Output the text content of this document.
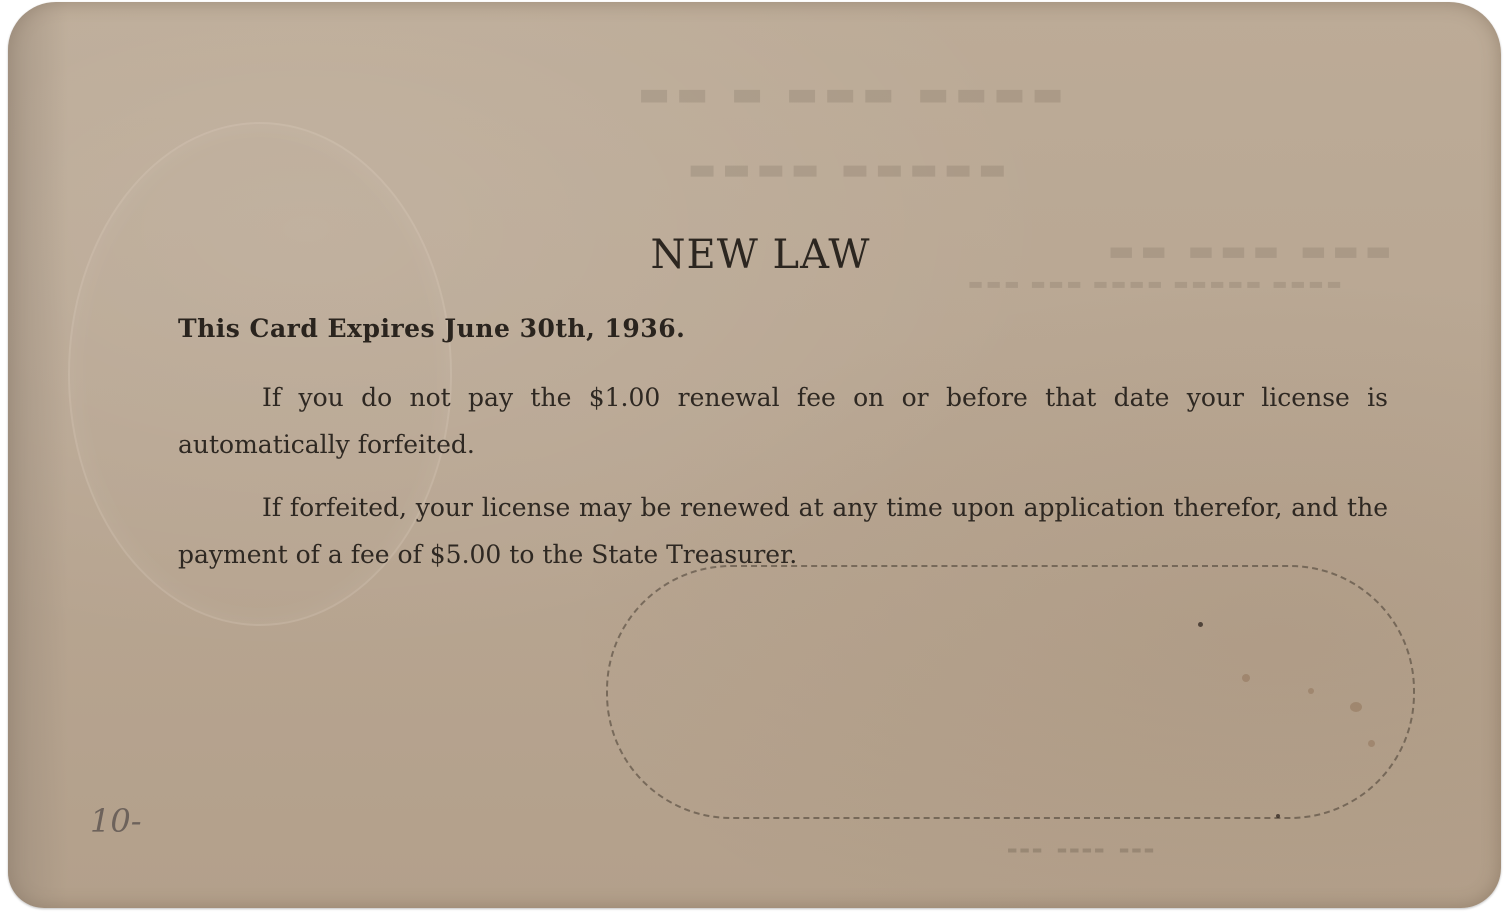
▬▬ ▬ ▬▬▬ ▬▬▬▬
▬▬▬▬ ▬▬▬▬▬
▬▬ ▬▬▬ ▬▬▬
▬▬▬ ▬▬▬ ▬▬▬▬ ▬▬▬▬▬ ▬▬▬▬
NEW LAW
This Card Expires June 30th, 1936.
If you do not pay the $1.00 renewal fee on or before that date your license is automatically forfeited.
If forfeited, your license may be renewed at any time upon application therefor, and the payment of a fee of $5.00 to the State Treasurer.
▬▬▬ ▬▬▬▬ ▬▬▬
10-
